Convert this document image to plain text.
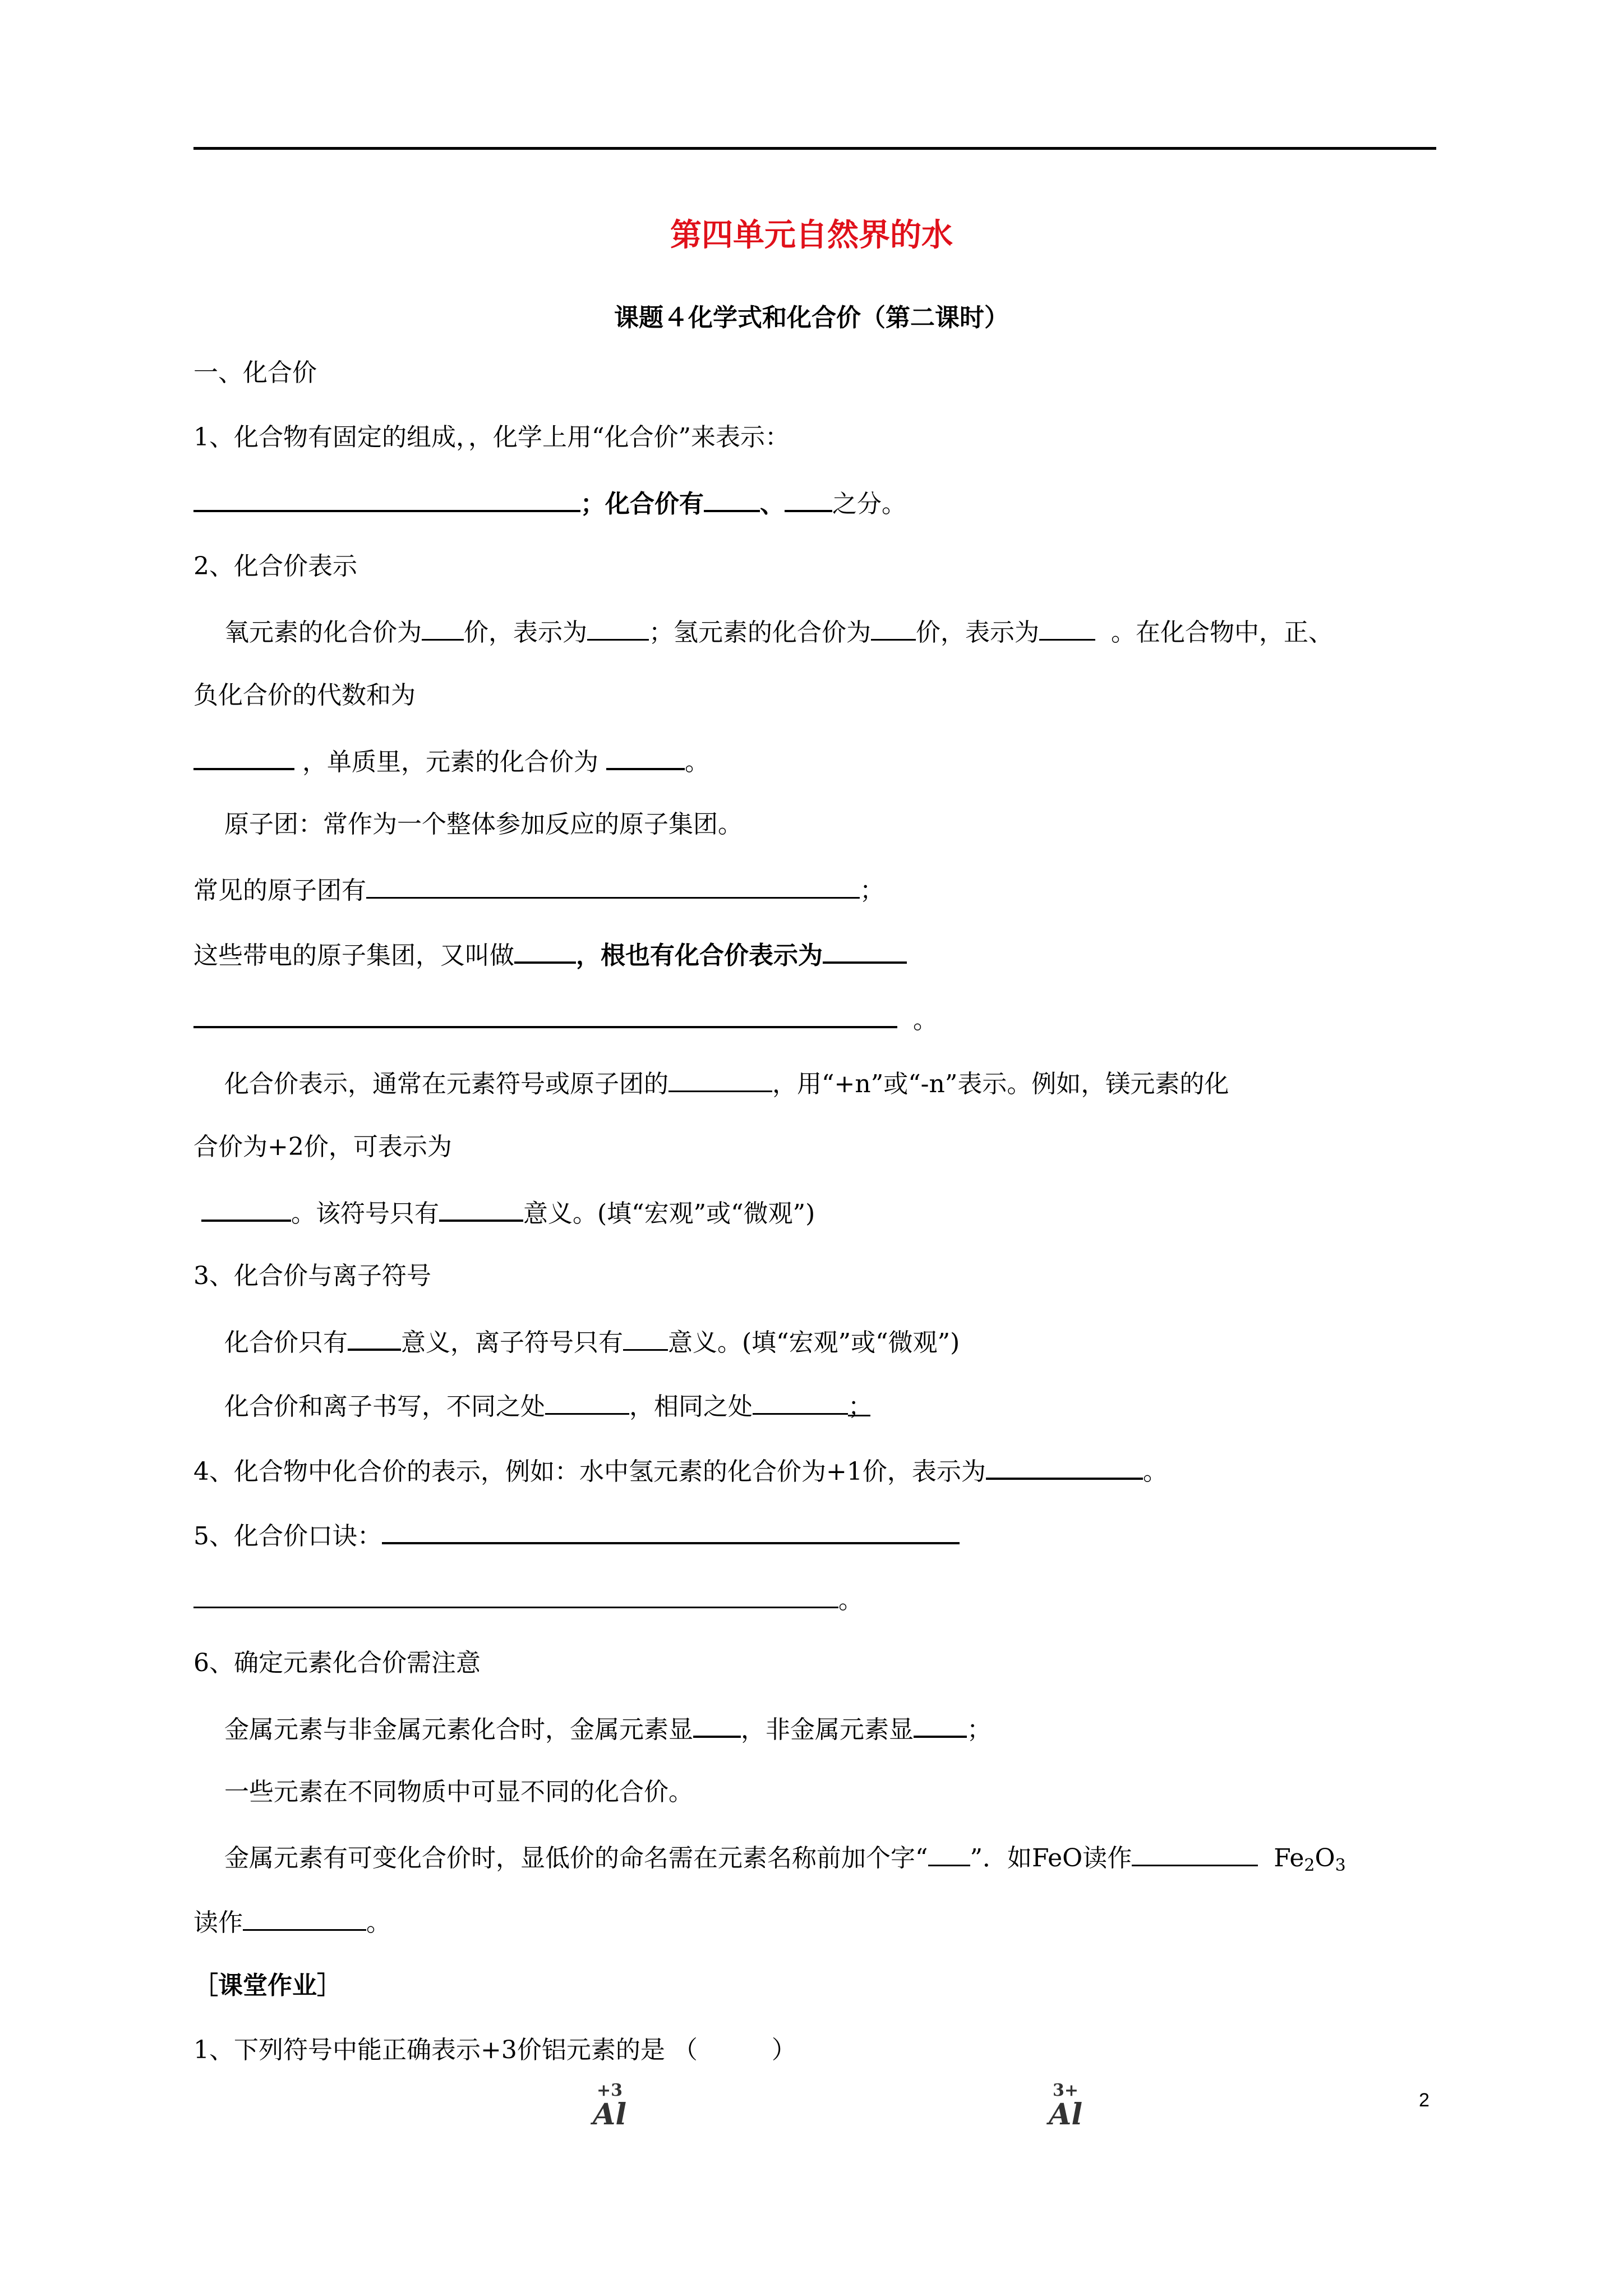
第四单元自然界的水
课题４化学式和化合价（第二课时）
一、化合价
1、化合物有固定的组成，，化学上用“化合价”来表示：
；化合价有 、 之分。
2、化合价表示
氧元素的化合价为 价，表示为	；氢元素的化合价为 价，表示为	。在化合物中，正、
负化合价的代数和为
，单质里，元素的化合价为	。
原子团：常作为一个整体参加反应的原子集团。
常见的原子团有	；
这些带电的原子集团，又叫做	，根也有化合价表示为
。
化合价表示，通常在元素符号或原子团的	，用“+n”或“-n”表示。例如，镁元素的化
合价为+2价，可表示为
。该符号只有	意义。(填“宏观”或“微观”)
3、化合价与离子符号
化合价只有 意义，离子符号只有 意义。(填“宏观”或“微观”)
化合价和离子书写，不同之处	，相同之处	；
4、化合物中化合价的表示，例如：水中氢元素的化合价为+1价，表示为	。
5、化合价口诀：
。
6、确定元素化合价需注意
金属元素与非金属元素化合时，金属元素显 ，非金属元素显 ；
一些元素在不同物质中可显不同的化合价。
金属元素有可变化合价时，显低价的命名需在元素名称前加个字“ ”．如FeO读作	$Fe_2O_3$
读作	。
［课堂作业］
1、下列符号中能正确表示+3价铝元素的是 （　　　）
+3
Al
3+
Al	2
